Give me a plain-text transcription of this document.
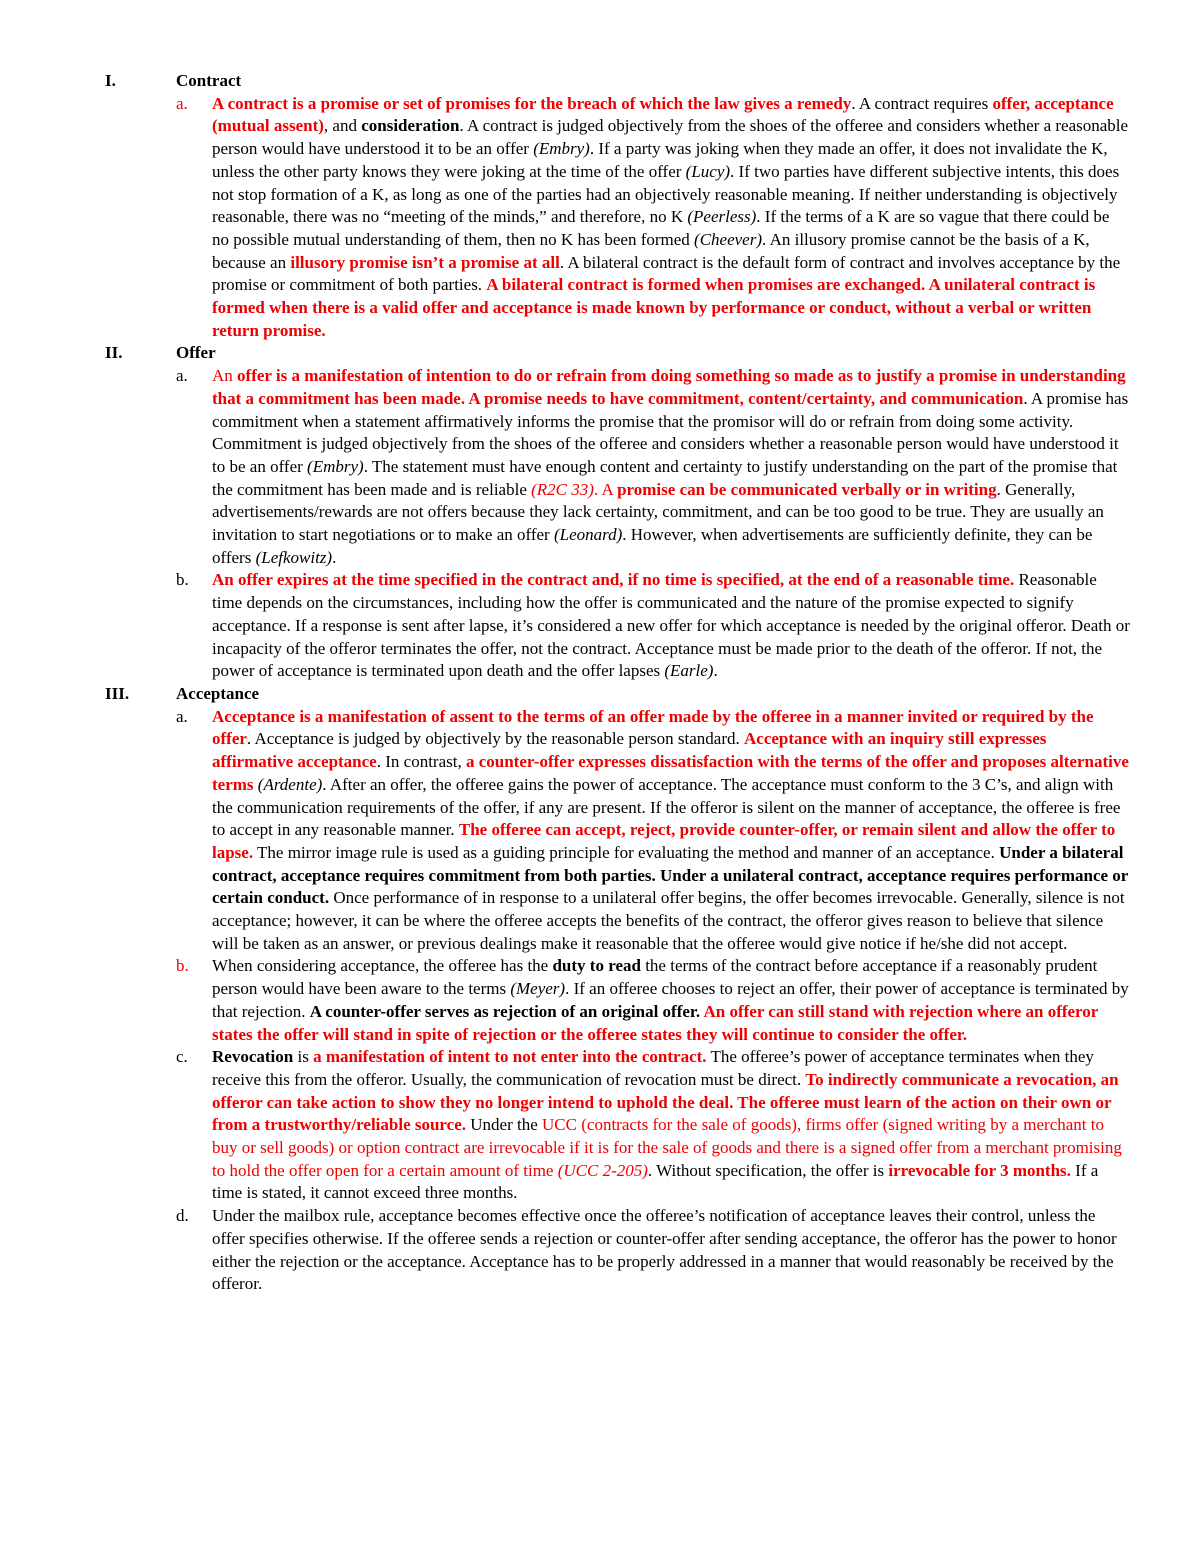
I.	Contract
a. A contract is a promise or set of promises for the breach of which the law gives a remedy. A contract requires offer, acceptance (mutual assent), and consideration. A contract is judged objectively from the shoes of the offeree and considers whether a reasonable person would have understood it to be an offer (Embry). If a party was joking when they made an offer, it does not invalidate the K, unless the other party knows they were joking at the time of the offer (Lucy). If two parties have different subjective intents, this does not stop formation of a K, as long as one of the parties had an objectively reasonable meaning. If neither understanding is objectively reasonable, there was no “meeting of the minds,” and therefore, no K (Peerless). If the terms of a K are so vague that there could be no possible mutual understanding of them, then no K has been formed (Cheever). An illusory promise cannot be the basis of a K, because an illusory promise isn’t a promise at all. A bilateral contract is the default form of contract and involves acceptance by the promise or commitment of both parties. A bilateral contract is formed when promises are exchanged. A unilateral contract is formed when there is a valid offer and acceptance is made known by performance or conduct, without a verbal or written return promise.
II.	Offer
a. An offer is a manifestation of intention to do or refrain from doing something so made as to justify a promise in understanding that a commitment has been made. A promise needs to have commitment, content/certainty, and communication. A promise has commitment when a statement affirmatively informs the promise that the promisor will do or refrain from doing some activity. Commitment is judged objectively from the shoes of the offeree and considers whether a reasonable person would have understood it to be an offer (Embry). The statement must have enough content and certainty to justify understanding on the part of the promise that the commitment has been made and is reliable (R2C 33). A promise can be communicated verbally or in writing. Generally, advertisements/rewards are not offers because they lack certainty, commitment, and can be too good to be true. They are usually an invitation to start negotiations or to make an offer (Leonard). However, when advertisements are sufficiently definite, they can be offers (Lefkowitz).
b. An offer expires at the time specified in the contract and, if no time is specified, at the end of a reasonable time. Reasonable time depends on the circumstances, including how the offer is communicated and the nature of the promise expected to signify acceptance. If a response is sent after lapse, it’s considered a new offer for which acceptance is needed by the original offeror. Death or incapacity of the offeror terminates the offer, not the contract. Acceptance must be made prior to the death of the offeror. If not, the power of acceptance is terminated upon death and the offer lapses (Earle).
III.	Acceptance
a. Acceptance is a manifestation of assent to the terms of an offer made by the offeree in a manner invited or required by the offer. Acceptance is judged by objectively by the reasonable person standard. Acceptance with an inquiry still expresses affirmative acceptance. In contrast, a counter-offer expresses dissatisfaction with the terms of the offer and proposes alternative terms (Ardente). After an offer, the offeree gains the power of acceptance. The acceptance must conform to the 3 C’s, and align with the communication requirements of the offer, if any are present. If the offeror is silent on the manner of acceptance, the offeree is free to accept in any reasonable manner. The offeree can accept, reject, provide counter-offer, or remain silent and allow the offer to lapse. The mirror image rule is used as a guiding principle for evaluating the method and manner of an acceptance. Under a bilateral contract, acceptance requires commitment from both parties. Under a unilateral contract, acceptance requires performance or certain conduct. Once performance of in response to a unilateral offer begins, the offer becomes irrevocable. Generally, silence is not acceptance; however, it can be where the offeree accepts the benefits of the contract, the offeror gives reason to believe that silence will be taken as an answer, or previous dealings make it reasonable that the offeree would give notice if he/she did not accept.
b. When considering acceptance, the offeree has the duty to read the terms of the contract before acceptance if a reasonably prudent person would have been aware to the terms (Meyer). If an offeree chooses to reject an offer, their power of acceptance is terminated by that rejection. A counter-offer serves as rejection of an original offer. An offer can still stand with rejection where an offeror states the offer will stand in spite of rejection or the offeree states they will continue to consider the offer.
c. Revocation is a manifestation of intent to not enter into the contract. The offeree’s power of acceptance terminates when they receive this from the offeror. Usually, the communication of revocation must be direct. To indirectly communicate a revocation, an offeror can take action to show they no longer intend to uphold the deal. The offeree must learn of the action on their own or from a trustworthy/reliable source. Under the UCC (contracts for the sale of goods), firms offer (signed writing by a merchant to buy or sell goods) or option contract are irrevocable if it is for the sale of goods and there is a signed offer from a merchant promising to hold the offer open for a certain amount of time (UCC 2-205). Without specification, the offer is irrevocable for 3 months. If a time is stated, it cannot exceed three months.
d. Under the mailbox rule, acceptance becomes effective once the offeree’s notification of acceptance leaves their control, unless the offer specifies otherwise. If the offeree sends a rejection or counter-offer after sending acceptance, the offeror has the power to honor either the rejection or the acceptance. Acceptance has to be properly addressed in a manner that would reasonably be received by the offeror.
